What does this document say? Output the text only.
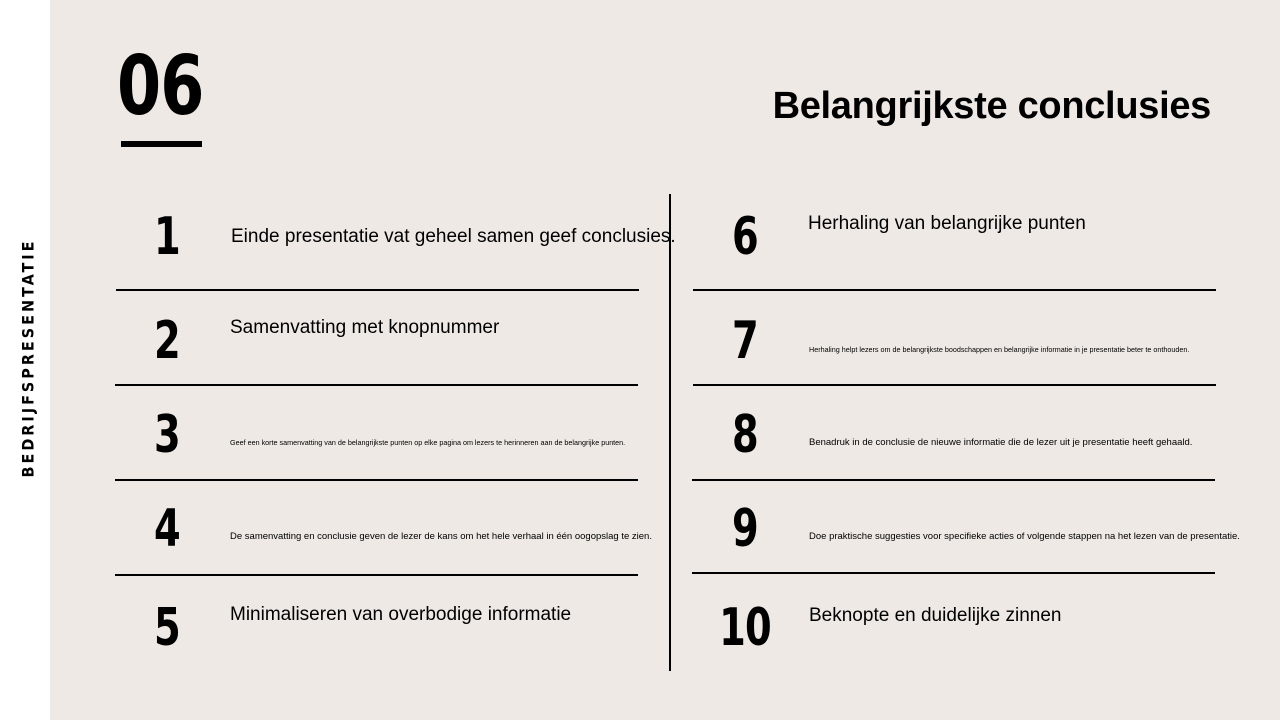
BEDRIJFSPRESENTATIE
06	Belangrijkste conclusies
1	Einde presentatie vat geheel samen geef conclusies.
2	Samenvatting met knopnummer
3	Geef een korte samenvatting van de belangrijkste punten op elke pagina om lezers te herinneren aan de belangrijke punten.
4	De samenvatting en conclusie geven de lezer de kans om het hele verhaal in één oogopslag te zien.
5	Minimaliseren van overbodige informatie
6	Herhaling van belangrijke punten
7	Herhaling helpt lezers om de belangrijkste boodschappen en belangrijke informatie in je presentatie beter te onthouden.
8	Benadruk in de conclusie de nieuwe informatie die de lezer uit je presentatie heeft gehaald.
9	Doe praktische suggesties voor specifieke acties of volgende stappen na het lezen van de presentatie.
10	Beknopte en duidelijke zinnen
